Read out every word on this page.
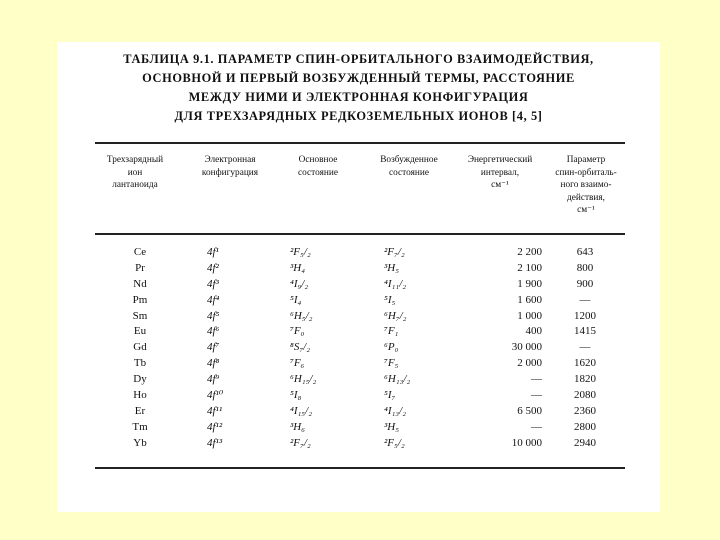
ТАБЛИЦА 9.1. ПАРАМЕТР СПИН-ОРБИТАЛЬНОГО ВЗАИМОДЕЙСТВИЯ,
ОСНОВНОЙ И ПЕРВЫЙ ВОЗБУЖДЕННЫЙ ТЕРМЫ, РАССТОЯНИЕ
МЕЖДУ НИМИ И ЭЛЕКТРОННАЯ КОНФИГУРАЦИЯ
ДЛЯ ТРЕХЗАРЯДНЫХ РЕДКОЗЕМЕЛЬНЫХ ИОНОВ [4, 5]
Трехзарядный
ион
лантаноида
Электронная
конфигурация
Основное
состояние
Возбужденное
состояние
Энергетический
интервал,
см⁻¹
Параметр
спин-орбиталь-
ного взаимо-
действия,
см⁻¹
Ce
Pr
Nd
Pm
Sm
Eu
Gd
Tb
Dy
Ho
Er
Tm
Yb
4f¹
4f²
4f³
4f⁴
4f⁵
4f⁶
4f⁷
4f⁸
4f⁹
4f¹⁰
4f¹¹
4f¹²
4f¹³
²F₅/₂
³H₄
⁴I₉/₂
⁵I₄
⁶H₅/₂
⁷F₀
⁸S₇/₂
⁷F₆
⁶H₁₅/₂
⁵I₈
⁴I₁₅/₂
³H₆
²F₇/₂
²F₇/₂
³H₅
⁴I₁₁/₂
⁵I₅
⁶H₇/₂
⁷F₁
⁶P₀
⁷F₅
⁶H₁₃/₂
⁵I₇
⁴I₁₃/₂
³H₅
²F₅/₂
2 200
2 100
1 900
1 600
1 000
400
30 000
2 000
—
—
6 500
—
10 000
643
800
900
—
1200
1415
—
1620
1820
2080
2360
2800
2940
